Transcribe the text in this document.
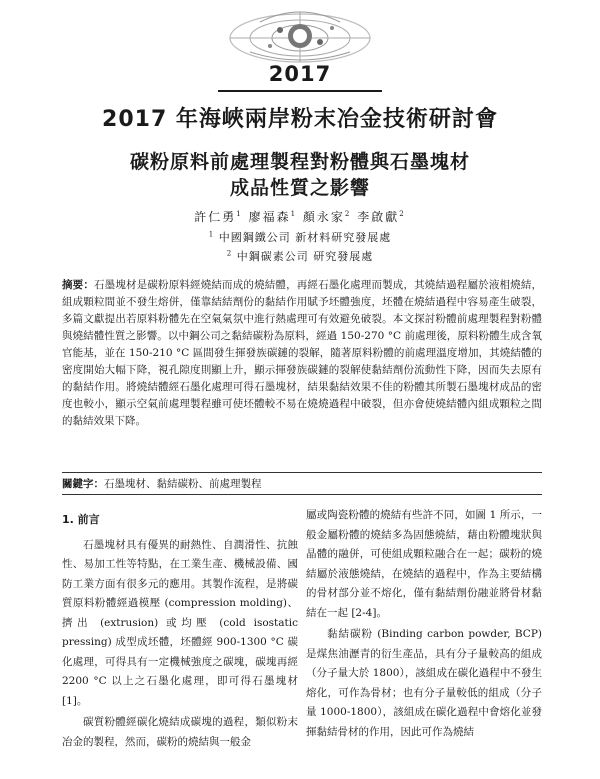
2017
2017 年海峽兩岸粉末冶金技術研討會
碳粉原料前處理製程對粉體與石墨塊材
成品性質之影響
許仁勇$^1$ 廖福森$^1$ 顏永家$^2$ 李啟獻$^2$
$^1$ 中國鋼鐵公司 新材料研究發展處
$^2$ 中鋼碳素公司 研究發展處
摘要：石墨塊材是碳粉原料經燒結而成的燒結體，再經石墨化處理而製成，其燒結過程屬於液相燒結，組成顆粒間並不發生熔併，僅靠結結劑份的黏結作用賦予坯體強度，坯體在燒結過程中容易產生破裂，多篇文獻提出若原料粉體先在空氣氣氛中進行熱處理可有效避免破裂。本文探討粉體前處理製程對粉體與燒結體性質之影響。以中鋼公司之黏結碳粉為原料，經過 150-270 °C 前處理後，原料粉體生成含氧官能基，並在 150-210 °C 區間發生揮發族碳鏈的裂解，隨著原料粉體的前處理溫度增加，其燒結體的密度開始大幅下降，視孔隙度則顯上升，顯示揮發族碳鏈的裂解使黏結劑份流動性下降，因而失去原有的黏結作用。將燒結體經石墨化處理可得石墨塊材，結果黏結效果不佳的粉體其所製石墨塊材成品的密度也較小，顯示空氣前處理製程雖可使坯體較不易在燒燒過程中破裂，但亦會使燒結體內組成顆粒之間的黏結效果下降。
關鍵字：石墨塊材、黏結碳粉、前處理製程
1. 前言

石墨塊材具有優異的耐熱性、自潤滑性、抗蝕性、易加工性等特點，在工業生產、機械設備、國防工業方面有很多元的應用。其製作流程，是將碳質原料粉體經過模壓 (compression molding)、擠出 (extrusion) 或均壓 (cold isostatic pressing) 成型成坯體，坯體經 900-1300 °C 碳化處理，可得具有一定機械強度之碳塊，碳塊再經 2200 °C 以上之石墨化處理，即可得石墨塊材 [1]。

碳質粉體經碳化燒結成碳塊的過程，類似粉末冶金的製程，然而，碳粉的燒結與一般金

屬或陶瓷粉體的燒結有些許不同，如圖 1 所示，一般金屬粉體的燒結多為固態燒結，藉由粉體塊狀與晶體的融併，可使組成顆粒融合在一起；碳粉的燒結屬於液態燒結，在燒結的過程中，作為主要結構的骨材部分並不熔化，僅有黏結劑份融並將骨材黏結在一起 [2-4]。

黏結碳粉 (Binding carbon powder, BCP) 是煤焦油瀝青的衍生產品，具有分子量較高的組成（分子量大於 1800），該組成在碳化過程中不發生熔化，可作為骨材；也有分子量較低的組成（分子量 1000-1800），該組成在碳化過程中會熔化並發揮黏結骨材的作用，因此可作為燒結
